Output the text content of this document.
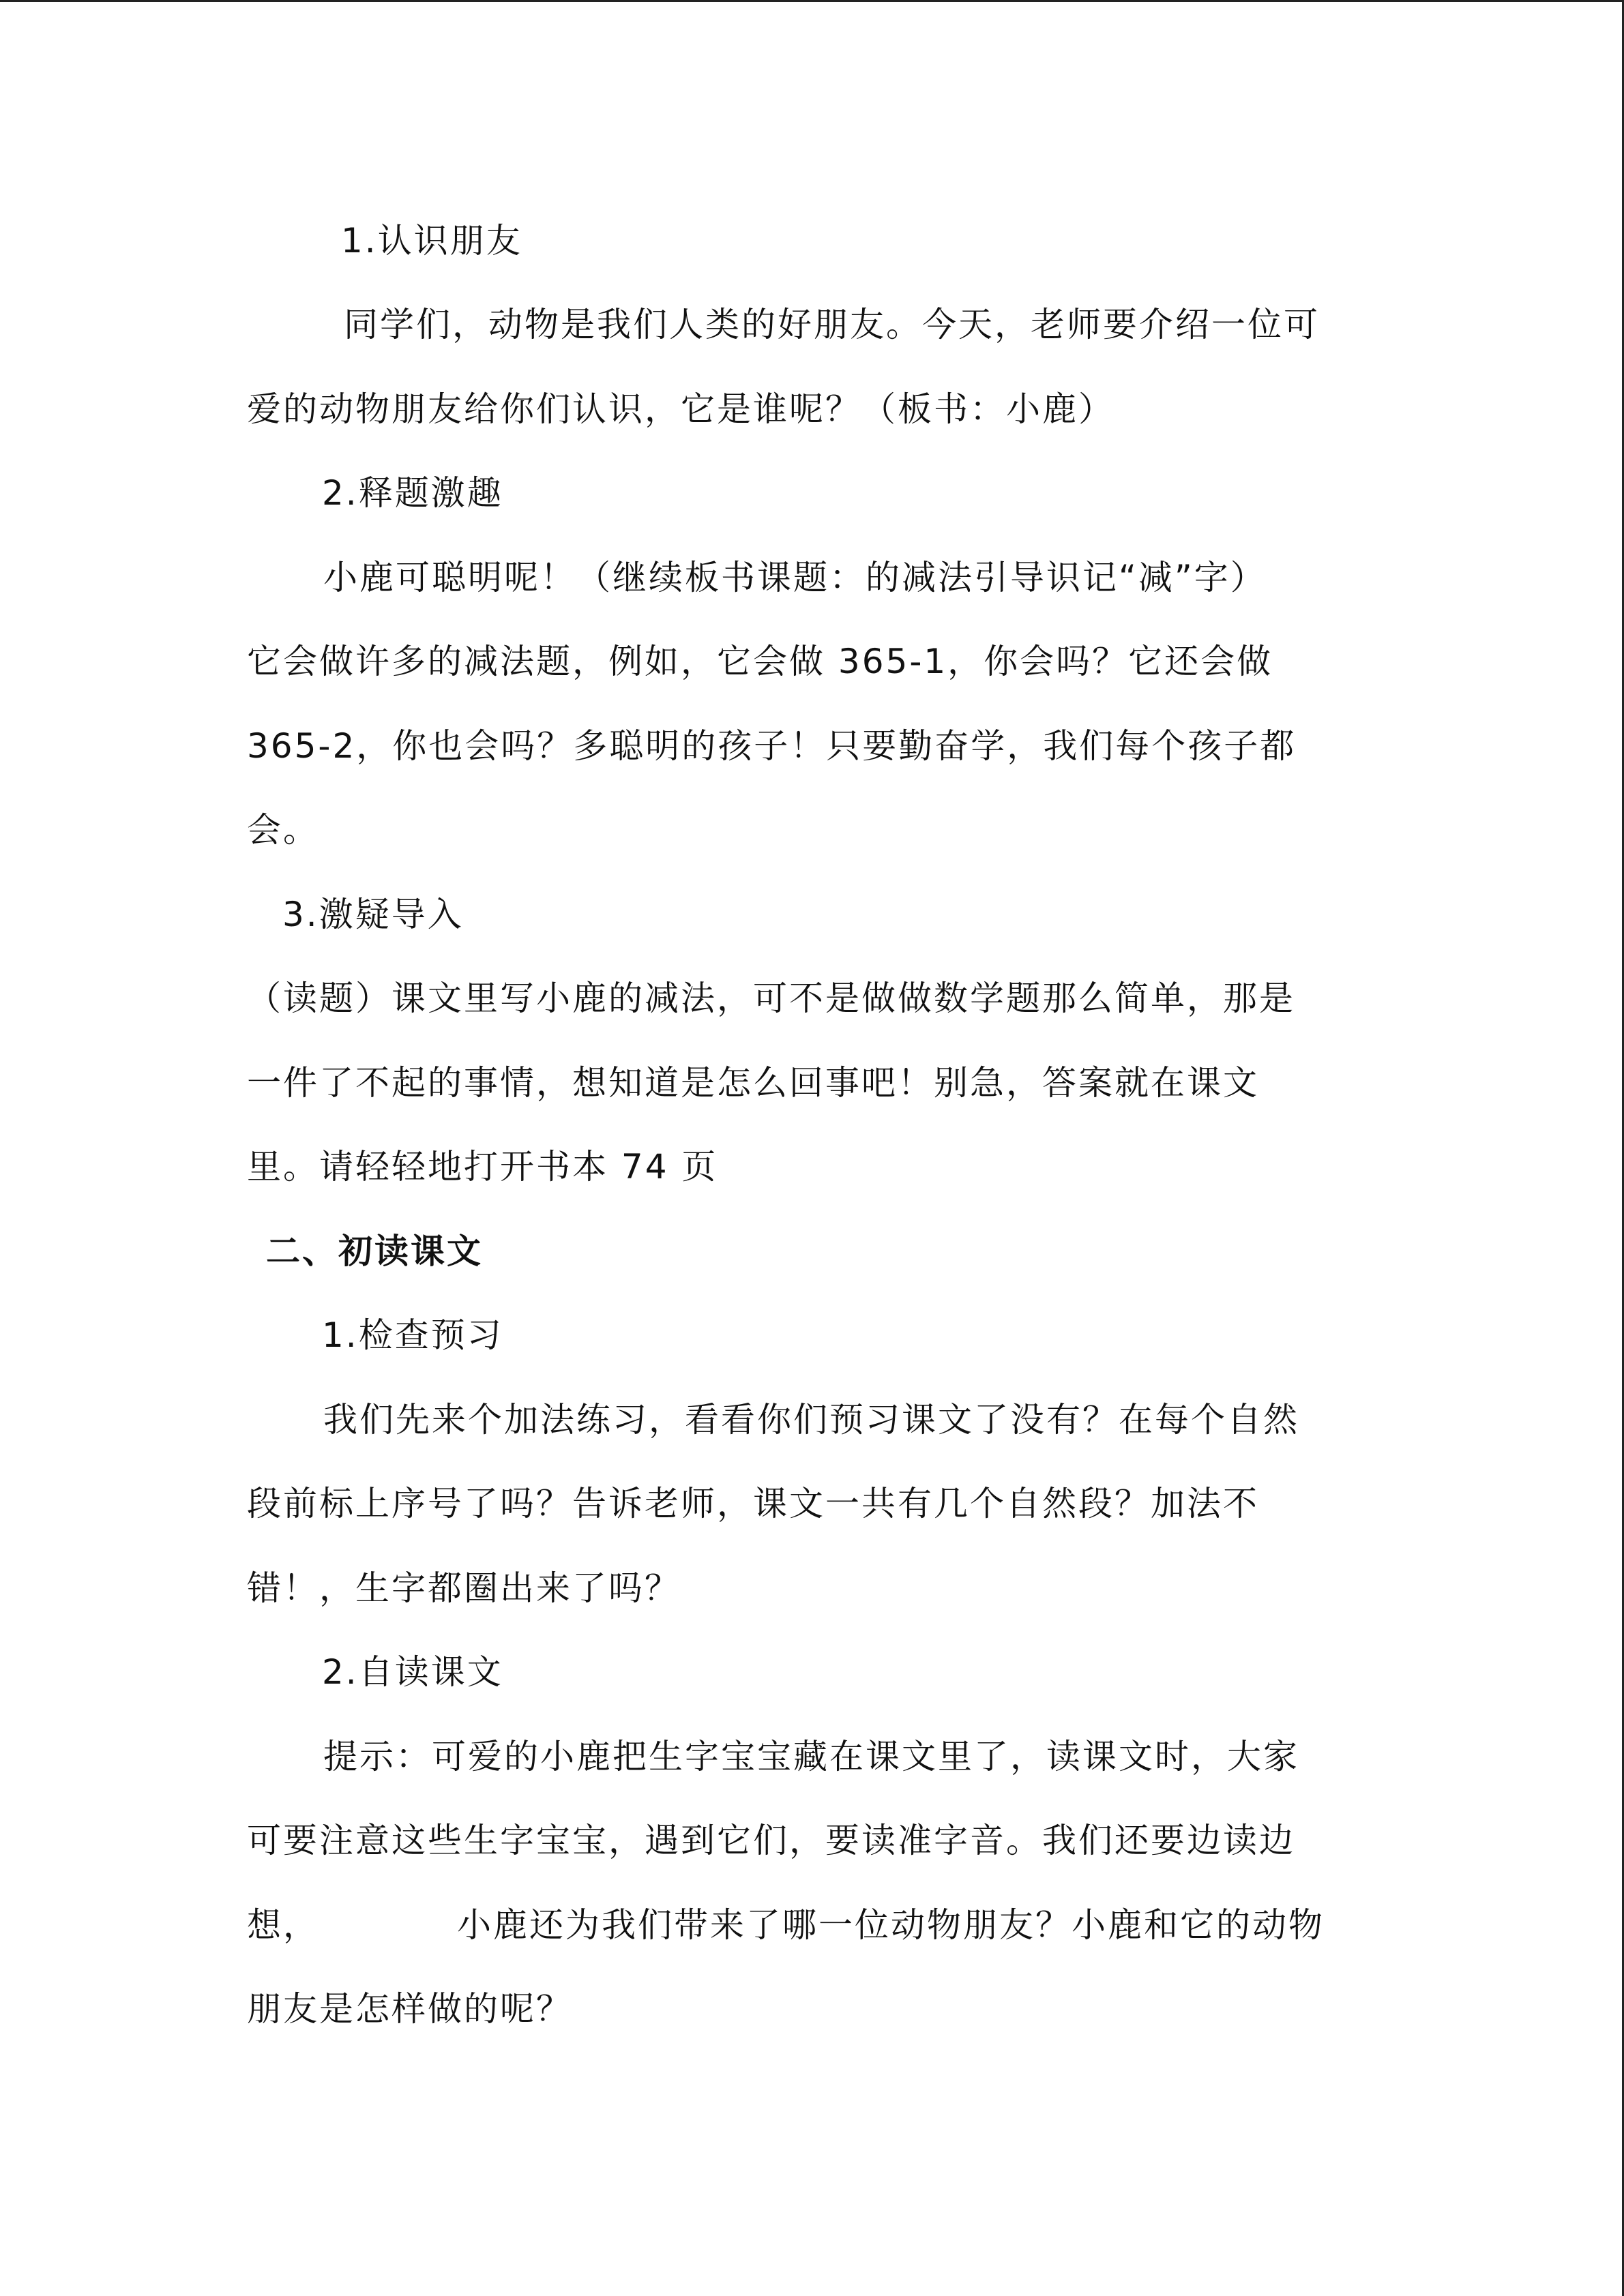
1.认识朋友
同学们，动物是我们人类的好朋友。今天，老师要介绍一位可
爱的动物朋友给你们认识，它是谁呢？（板书：小鹿）
2.释题激趣
小鹿可聪明呢！（继续板书课题：的减法引导识记“减”字）
它会做许多的减法题，例如，它会做 365-1，你会吗？它还会做
365-2，你也会吗？多聪明的孩子！只要勤奋学，我们每个孩子都
会。
3.激疑导入
（读题）课文里写小鹿的减法，可不是做做数学题那么简单，那是
一件了不起的事情，想知道是怎么回事吧！别急，答案就在课文
里。请轻轻地打开书本 74 页
二、初读课文
1.检查预习
我们先来个加法练习，看看你们预习课文了没有？在每个自然
段前标上序号了吗？告诉老师，课文一共有几个自然段？加法不
错！，生字都圈出来了吗？
2.自读课文
提示：可爱的小鹿把生字宝宝藏在课文里了，读课文时，大家
可要注意这些生字宝宝，遇到它们，要读准字音。我们还要边读边
想，	小鹿还为我们带来了哪一位动物朋友？小鹿和它的动物
朋友是怎样做的呢？
